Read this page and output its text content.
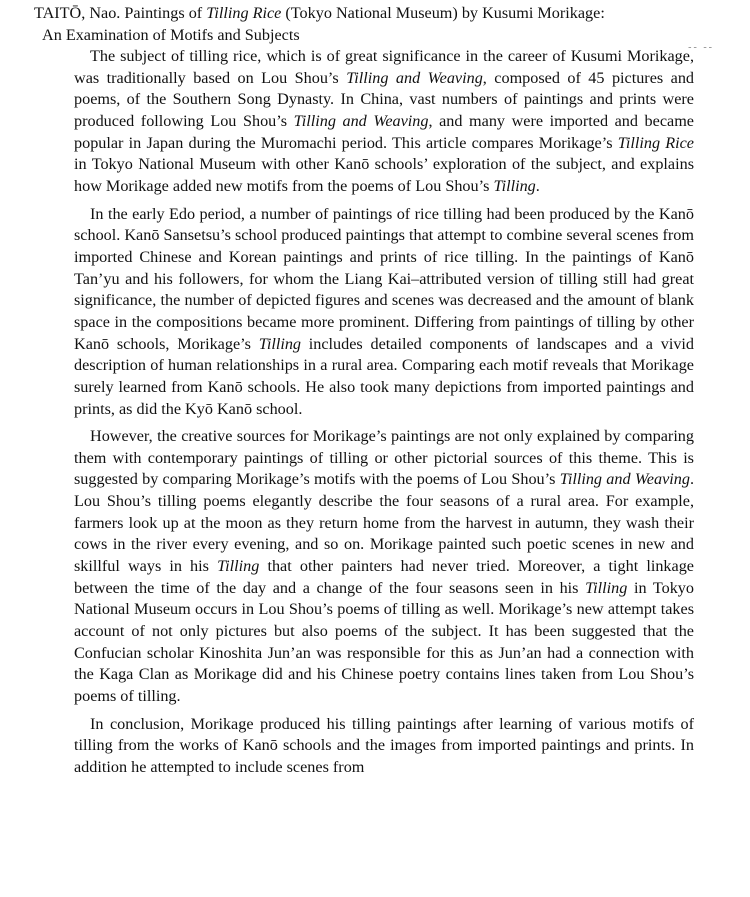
TAITŌ, Nao. Paintings of Tilling Rice (Tokyo National Museum) by Kusumi Morikage:
An Examination of Motifs and Subjects
-- --

The subject of tilling rice, which is of great significance in the career of Kusumi Morikage, was traditionally based on Lou Shou’s Tilling and Weaving, composed of 45 pictures and poems, of the Southern Song Dynasty. In China, vast numbers of paintings and prints were produced following Lou Shou’s Tilling and Weaving, and many were imported and became popular in Japan during the Muromachi period. This article compares Morikage’s Tilling Rice in Tokyo National Museum with other Kanō schools’ exploration of the subject, and explains how Morikage added new motifs from the poems of Lou Shou’s Tilling.

In the early Edo period, a number of paintings of rice tilling had been produced by the Kanō school. Kanō Sansetsu’s school produced paintings that attempt to combine several scenes from imported Chinese and Korean paintings and prints of rice tilling. In the paintings of Kanō Tan’yu and his followers, for whom the Liang Kai–attributed version of tilling still had great significance, the number of depicted figures and scenes was decreased and the amount of blank space in the compositions became more prominent. Differing from paintings of tilling by other Kanō schools, Morikage’s Tilling includes detailed components of landscapes and a vivid description of human relationships in a rural area. Comparing each motif reveals that Morikage surely learned from Kanō schools. He also took many depictions from imported paintings and prints, as did the Kyō Kanō school.

However, the creative sources for Morikage’s paintings are not only explained by comparing them with contemporary paintings of tilling or other pictorial sources of this theme. This is suggested by comparing Morikage’s motifs with the poems of Lou Shou’s Tilling and Weaving. Lou Shou’s tilling poems elegantly describe the four seasons of a rural area. For example, farmers look up at the moon as they return home from the harvest in autumn, they wash their cows in the river every evening, and so on. Morikage painted such poetic scenes in new and skillful ways in his Tilling that other painters had never tried. Moreover, a tight linkage between the time of the day and a change of the four seasons seen in his Tilling in Tokyo National Museum occurs in Lou Shou’s poems of tilling as well. Morikage’s new attempt takes account of not only pictures but also poems of the subject. It has been suggested that the Confucian scholar Kinoshita Jun’an was responsible for this as Jun’an had a connection with the Kaga Clan as Morikage did and his Chinese poetry contains lines taken from Lou Shou’s poems of tilling.

In conclusion, Morikage produced his tilling paintings after learning of various motifs of tilling from the works of Kanō schools and the images from imported paintings and prints. In addition he attempted to include scenes from
